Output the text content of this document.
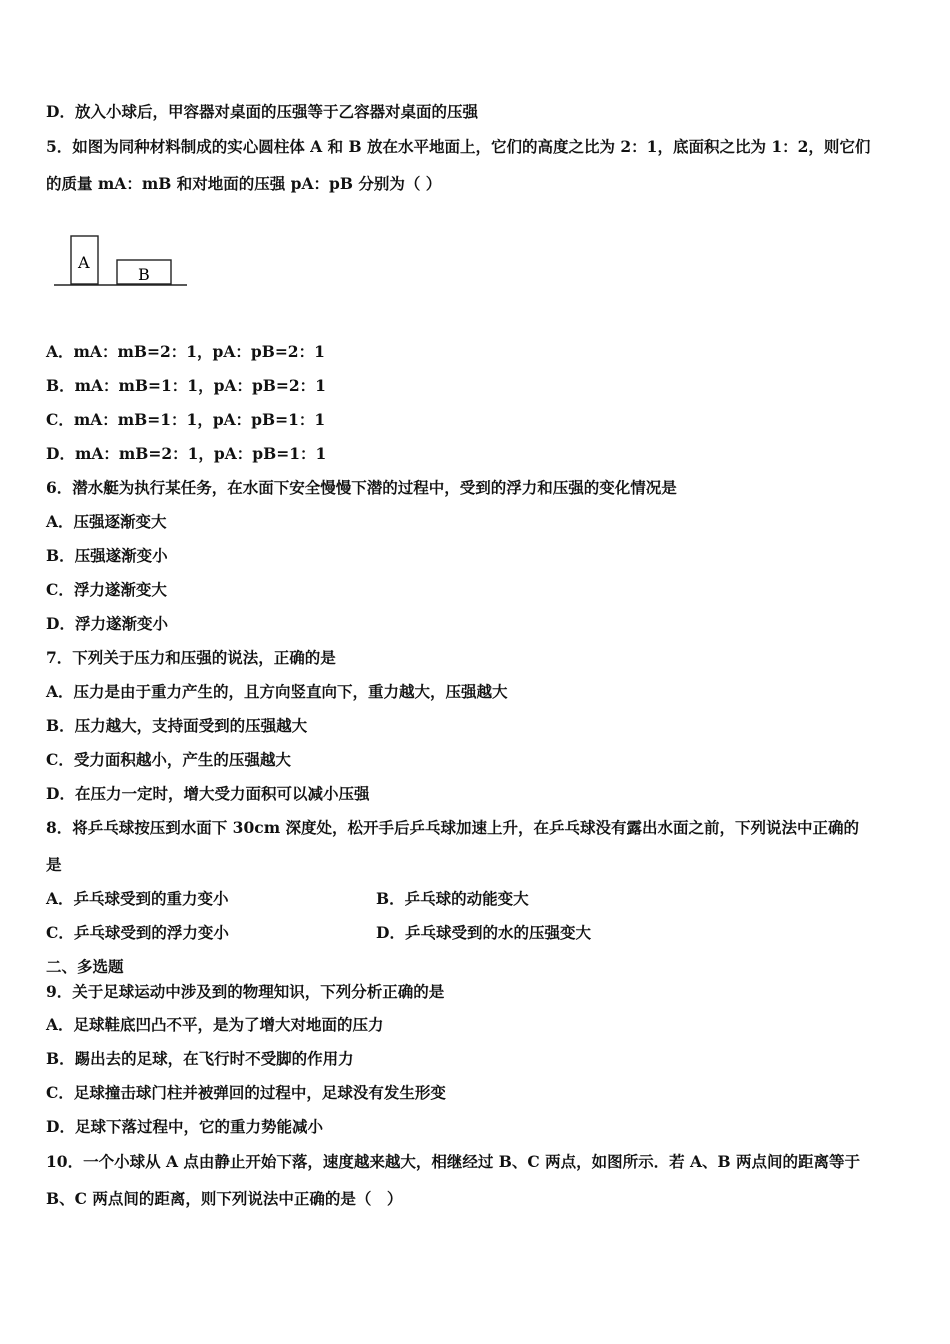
D．放入小球后，甲容器对桌面的压强等于乙容器对桌面的压强
5．如图为同种材料制成的实心圆柱体 A 和 B 放在水平地面上，它们的高度之比为 2：1，底面积之比为 1：2，则它们
的质量 mA：mB 和对地面的压强 pA：pB 分别为（ ）
A
B
A．mA：mB=2：1，pA：pB=2：1
B．mA：mB=1：1，pA：pB=2：1
C．mA：mB=1：1，pA：pB=1：1
D．mA：mB=2：1，pA：pB=1：1
6．潜水艇为执行某任务，在水面下安全慢慢下潜的过程中，受到的浮力和压强的变化情况是
A．压强逐渐变大
B．压强遂渐变小
C．浮力遂渐变大
D．浮力遂渐变小
7．下列关于压力和压强的说法，正确的是
A．压力是由于重力产生的，且方向竖直向下，重力越大，压强越大
B．压力越大，支持面受到的压强越大
C．受力面积越小，产生的压强越大
D．在压力一定时，增大受力面积可以减小压强
8．将乒乓球按压到水面下 30cm 深度处，松开手后乒乓球加速上升，在乒乓球没有露出水面之前，下列说法中正确的
是
A．乒乓球受到的重力变小	B．乒乓球的动能变大
C．乒乓球受到的浮力变小	D．乒乓球受到的水的压强变大
二、多选题
9．关于足球运动中涉及到的物理知识，下列分析正确的是
A．足球鞋底凹凸不平，是为了增大对地面的压力
B．踢出去的足球，在飞行时不受脚的作用力
C．足球撞击球门柱并被弹回的过程中，足球没有发生形变
D．足球下落过程中，它的重力势能减小
10．一个小球从 A 点由静止开始下落，速度越来越大，相继经过 B、C 两点，如图所示．若 A、B 两点间的距离等于
B、C 两点间的距离，则下列说法中正确的是（　）
